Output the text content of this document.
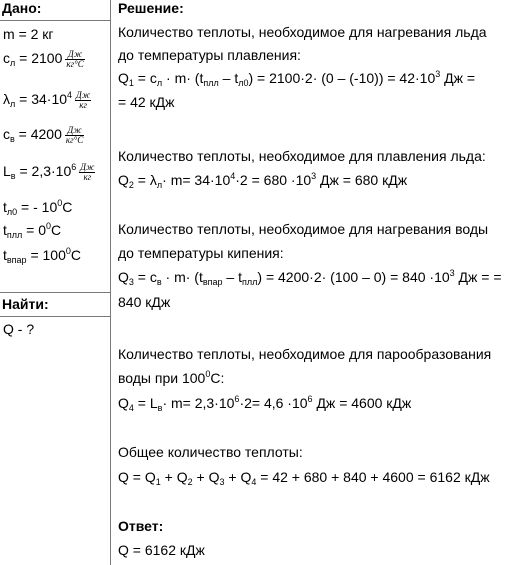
Дано:
m = 2 кг
$c_л = 2100 \frac{Дж}{кг^\circ С}$
$\lambda_л = 34\cdot 10^4 \frac{Дж}{кг}$
$c_в = 4200 \frac{Дж}{кг^\circ С}$
$L_в = 2,3\cdot 10^6 \frac{Дж}{кг}$
$t_{л0}$ = - $10^0С$
$t_{плл} = 0^0С$
$t_{впар} = 100^0С$
Найти:
Q - ?
Решение:
Количество теплоты, необходимое для нагревания льда
до температуры плавления:
$Q_1 = c_л \cdot m\cdot (t_{плл} - t_{л0}) = 2100\cdot 2\cdot (0 - (-10)) = 42\cdot 10^3$ Дж =
= 42 кДж
Количество теплоты, необходимое для плавления льда:
$Q_2 = \lambda_л\cdot m= 34\cdot 10^4\cdot 2 = 680 \cdot 10^3$ Дж = 680 кДж
Количество теплоты, необходимое для нагревания воды
до температуры кипения:
$Q_3 = c_в \cdot m\cdot (t_{впар} - t_{плл}) = 4200\cdot 2\cdot (100 - 0) = 840 \cdot 10^3$ Дж = =
840 кДж
Количество теплоты, необходимое для парообразования
воды при $100^0С$:
$Q_4 = L_в\cdot m= 2,3\cdot 10^6\cdot 2= 4,6 \cdot 10^6$ Дж = 4600 кДж
Общее количество теплоты:
$Q = Q_1 + Q_2 + Q_3 + Q_4 = 42 + 680 + 840 + 4600 = 6162$ кДж
Ответ:
Q = 6162 кДж
